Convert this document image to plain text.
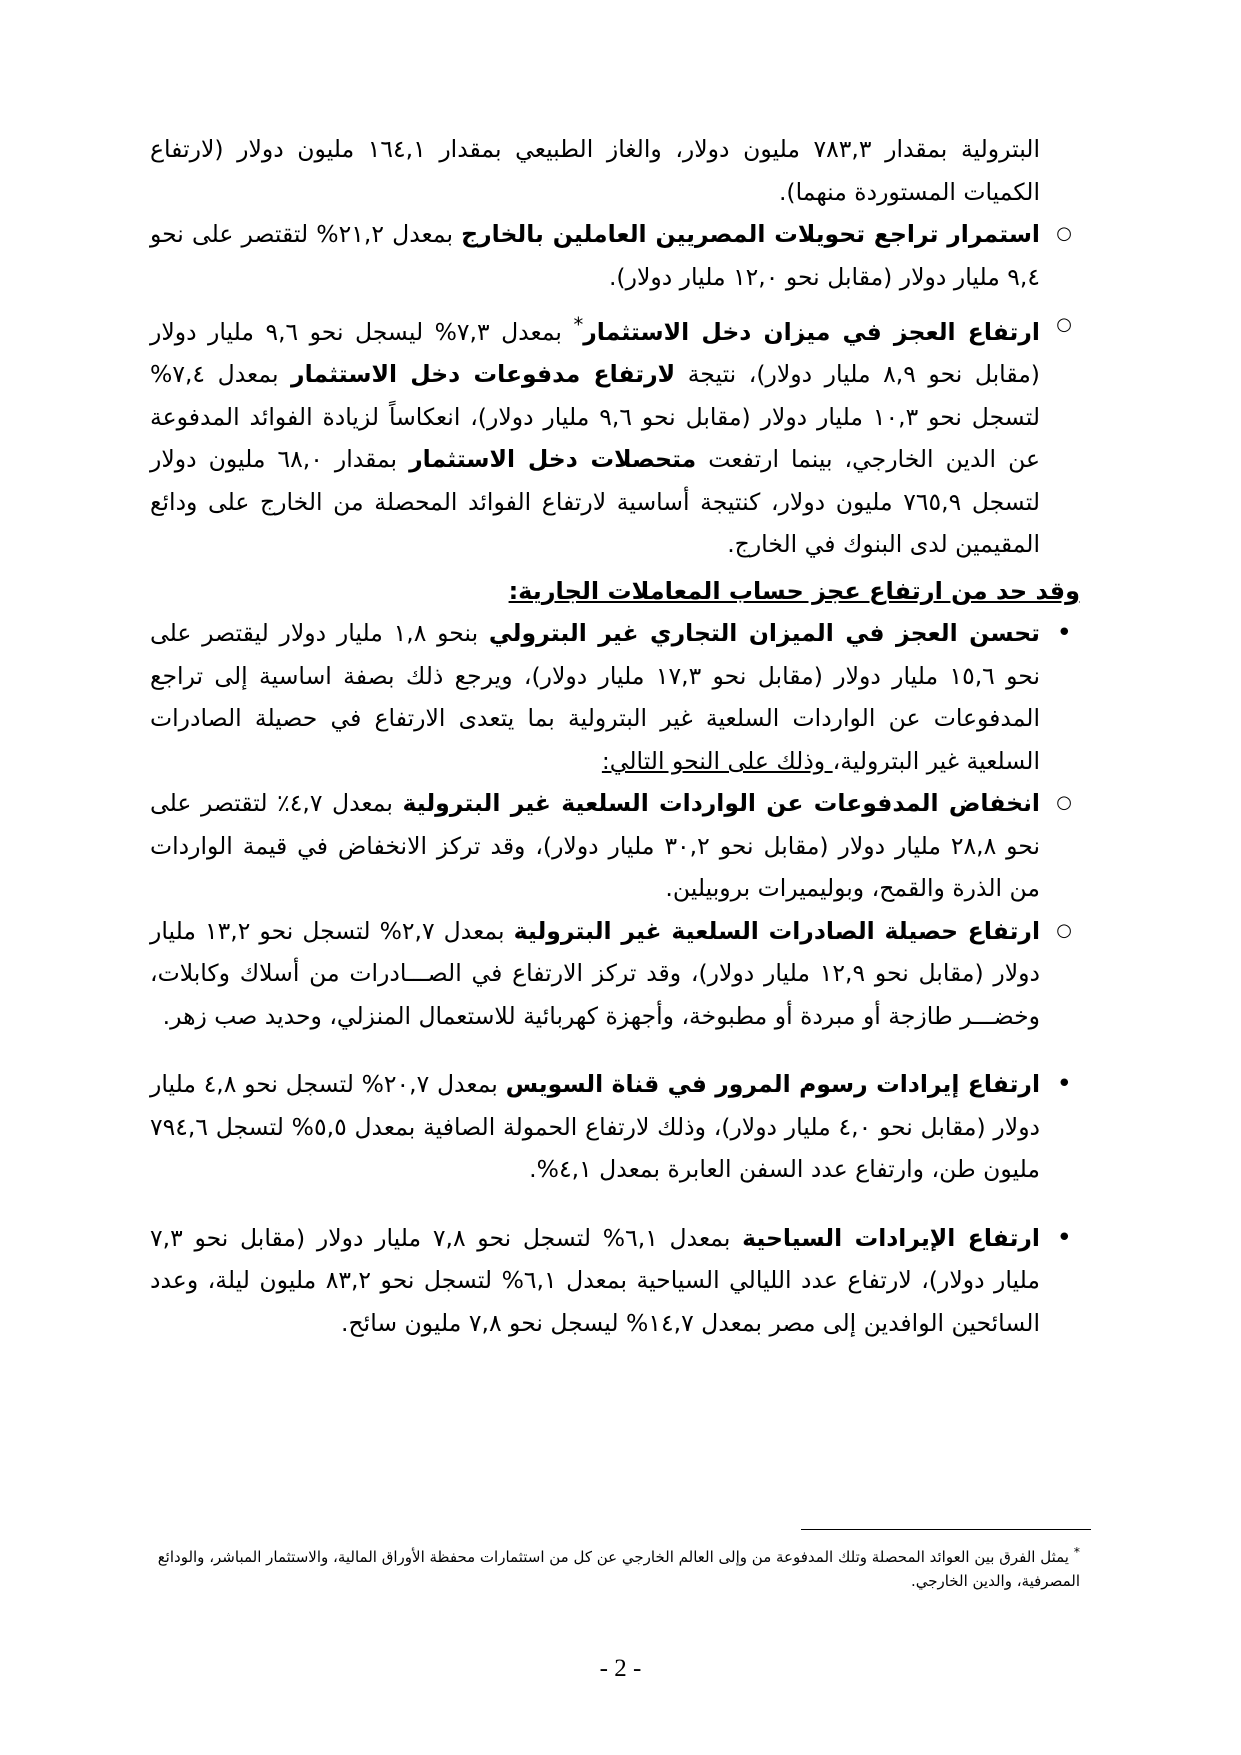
البترولية بمقدار ٧٨٣,٣ مليون دولار، والغاز الطبيعي بمقدار ١٦٤,١ مليون دولار (لارتفاع الكميات المستوردة منهما).

○

استمرار تراجع تحويلات المصريين العاملين بالخارج بمعدل ٢١,٢% لتقتصر على نحو ٩,٤ مليار دولار (مقابل نحو ١٢,٠ مليار دولار).

○

ارتفاع العجز في ميزان دخل الاستثمار* بمعدل ٧,٣% ليسجل نحو ٩,٦ مليار دولار (مقابل نحو ٨,٩ مليار دولار)، نتيجة لارتفاع مدفوعات دخل الاستثمار بمعدل ٧,٤% لتسجل نحو ١٠,٣ مليار دولار (مقابل نحو ٩,٦ مليار دولار)، انعكاساً لزيادة الفوائد المدفوعة عن الدين الخارجي، بينما ارتفعت متحصلات دخل الاستثمار بمقدار ٦٨,٠ مليون دولار لتسجل ٧٦٥,٩ مليون دولار، كنتيجة أساسية لارتفاع الفوائد المحصلة من الخارج على ودائع المقيمين لدى البنوك في الخارج.

وقد حد من ارتفاع عجز حساب المعاملات الجارية:

•

تحسن العجز في الميزان التجاري غير البترولي بنحو ١,٨ مليار دولار ليقتصر على نحو ١٥,٦ مليار دولار (مقابل نحو ١٧,٣ مليار دولار)، ويرجع ذلك بصفة اساسية إلى تراجع المدفوعات عن الواردات السلعية غير البترولية بما يتعدى الارتفاع في حصيلة الصادرات السلعية غير البترولية، وذلك على النحو التالي:

○

انخفاض المدفوعات عن الواردات السلعية غير البترولية بمعدل ٤,٧٪ لتقتصر على نحو ٢٨,٨ مليار دولار (مقابل نحو ٣٠,٢ مليار دولار)، وقد تركز الانخفاض في قيمة الواردات من الذرة والقمح، وبوليميرات بروبيلين.

○

ارتفاع حصيلة الصادرات السلعية غير البترولية بمعدل ٢,٧% لتسجل نحو ١٣,٢ مليار دولار (مقابل نحو ١٢,٩ مليار دولار)، وقد تركز الارتفاع في الصـــادرات من أسلاك وكابلات، وخضـــر طازجة أو مبردة أو مطبوخة، وأجهزة كهربائية للاستعمال المنزلي، وحديد صب زهر.

•

ارتفاع إيرادات رسوم المرور في قناة السويس بمعدل ٢٠,٧% لتسجل نحو ٤,٨ مليار دولار (مقابل نحو ٤,٠ مليار دولار)، وذلك لارتفاع الحمولة الصافية بمعدل ٥,٥% لتسجل ٧٩٤,٦ مليون طن، وارتفاع عدد السفن العابرة بمعدل ٤,١%.

•

ارتفاع الإيرادات السياحية بمعدل ٦,١% لتسجل نحو ٧,٨ مليار دولار (مقابل نحو ٧,٣ مليار دولار)، لارتفاع عدد الليالي السياحية بمعدل ٦,١% لتسجل نحو ٨٣,٢ مليون ليلة، وعدد السائحين الوافدين إلى مصر بمعدل ١٤,٧% ليسجل نحو ٧,٨ مليون سائح.

* يمثل الفرق بين العوائد المحصلة وتلك المدفوعة من وإلى العالم الخارجي عن كل من استثمارات محفظة الأوراق المالية، والاستثمار المباشر، والودائع المصرفية، والدين الخارجي.
- 2 -
